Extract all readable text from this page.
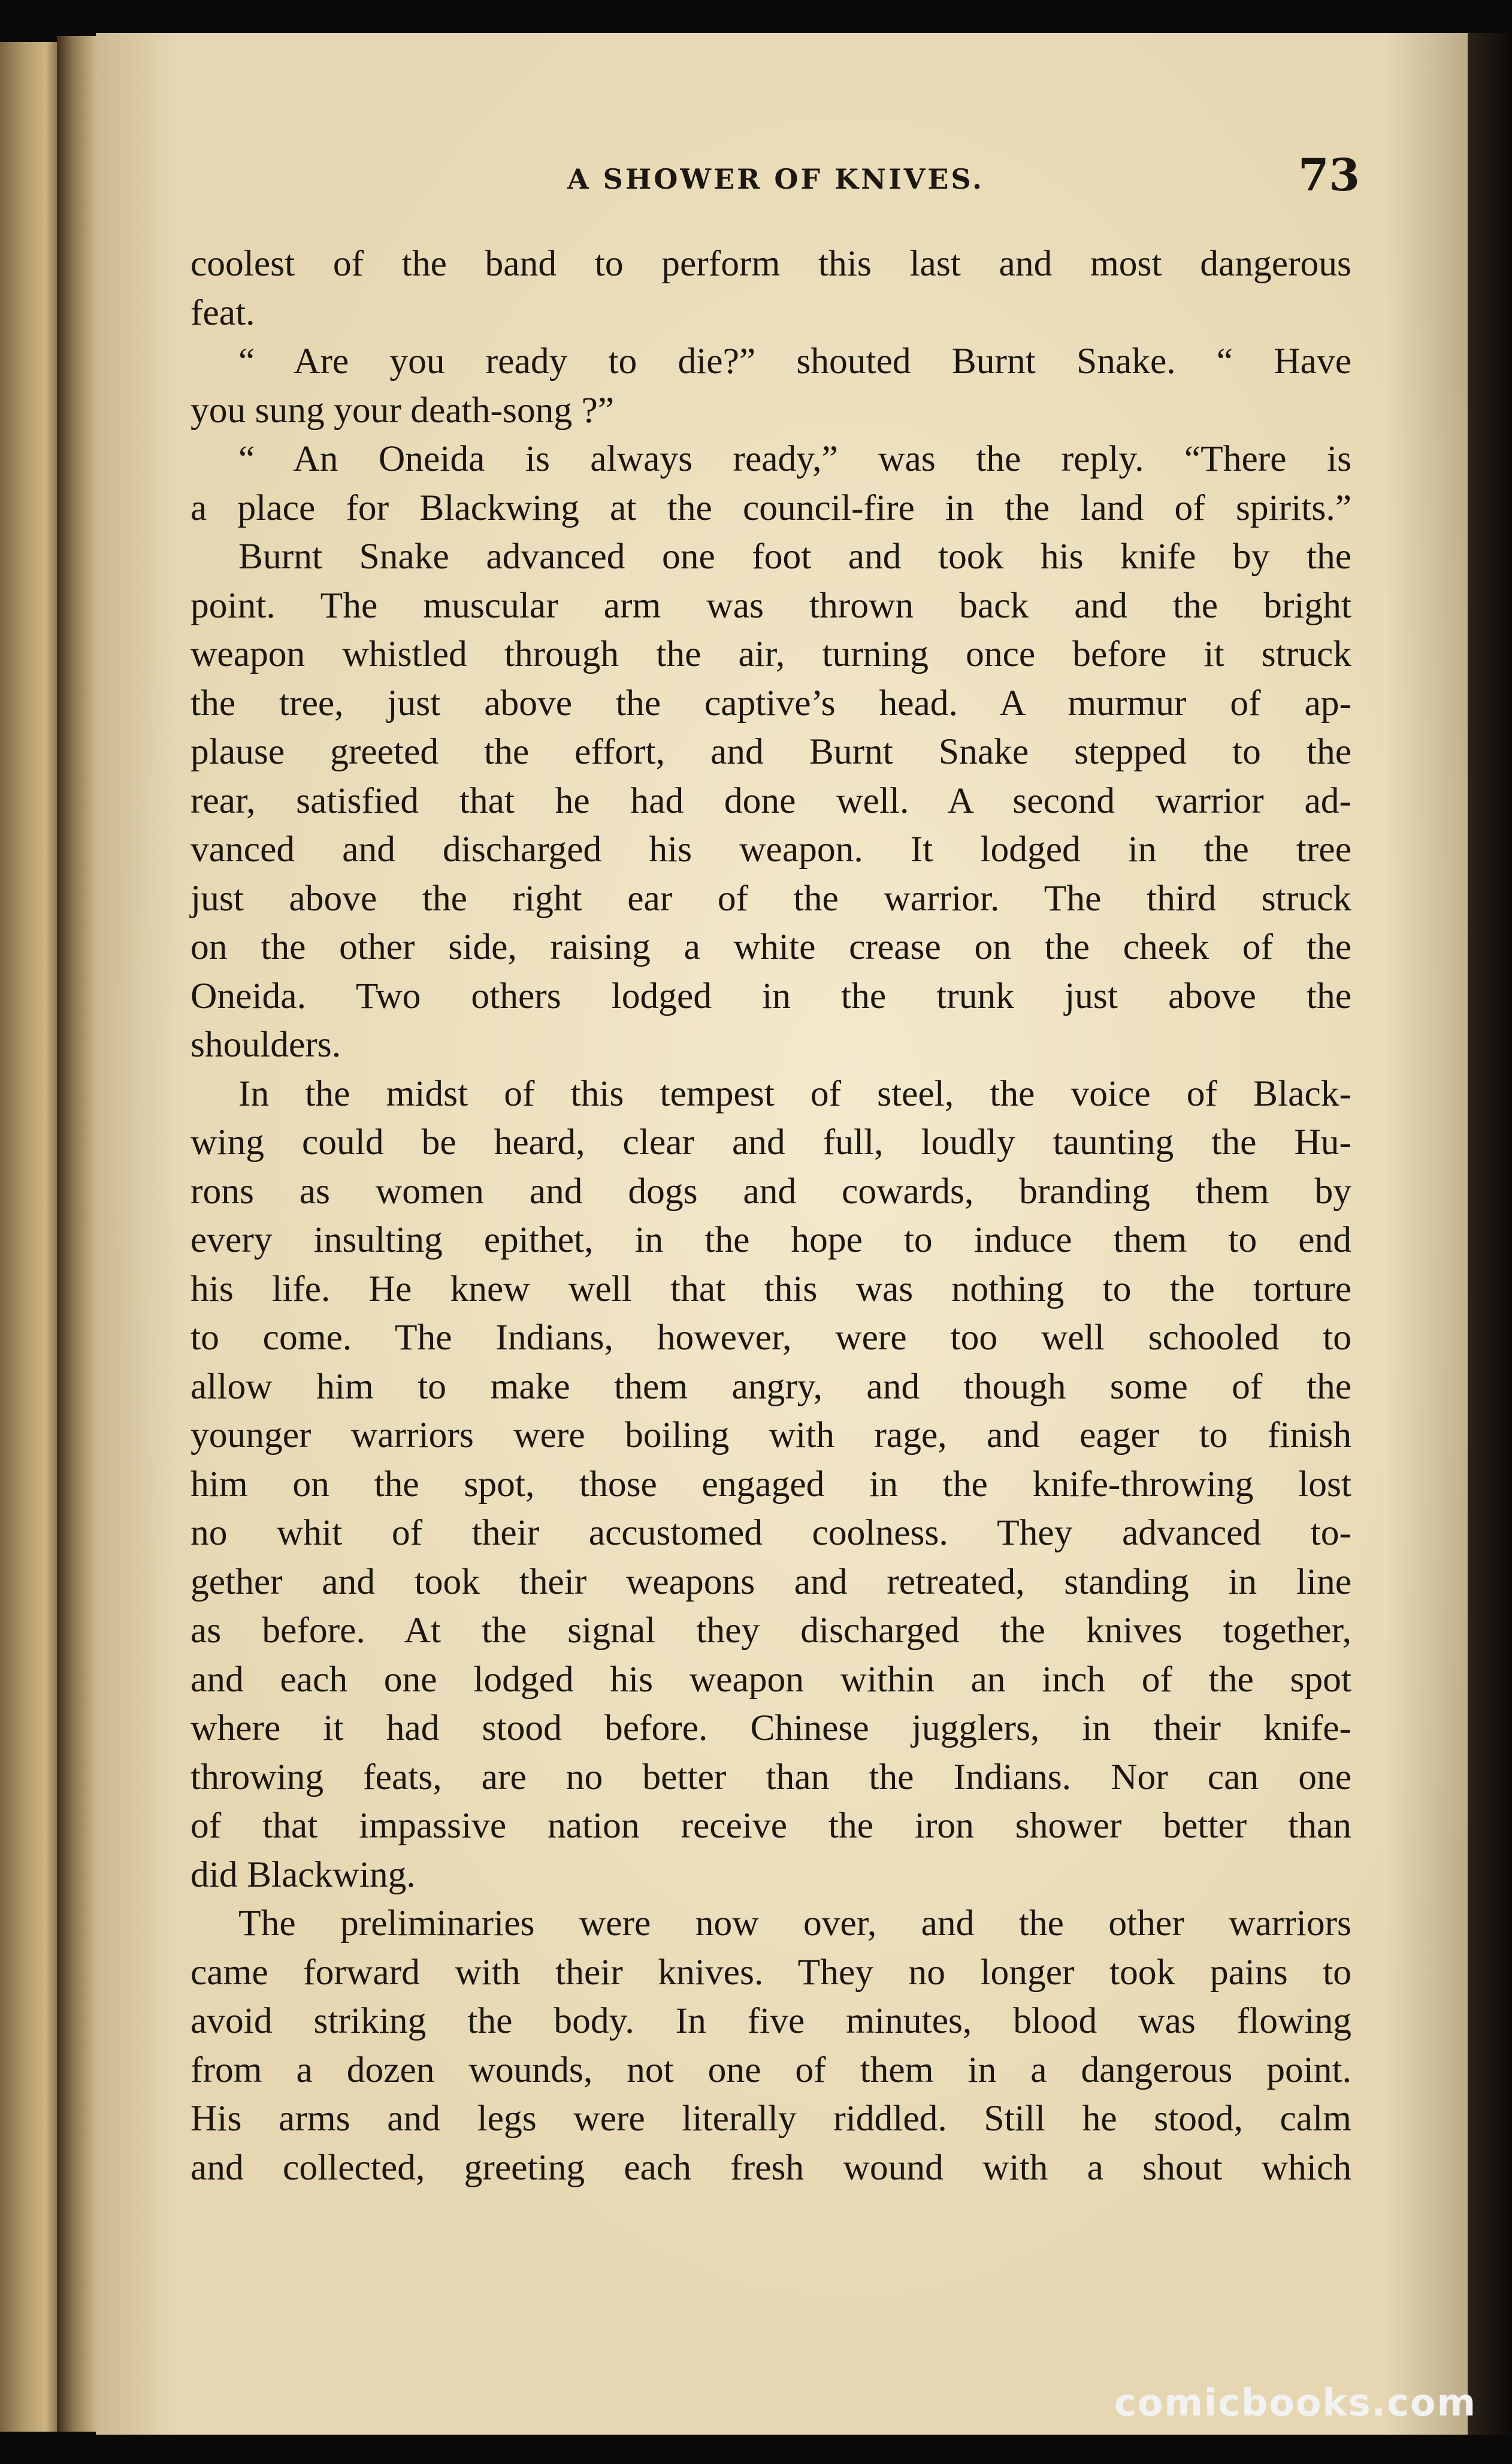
A SHOWER OF KNIVES.	73
coolest of the band to perform this last and most dangerous
feat.
“ Are you ready to die?” shouted Burnt Snake. “ Have
you sung your death-song ?”
“ An Oneida is always ready,” was the reply. “There is
a place for Blackwing at the council-fire in the land of spirits.”
Burnt Snake advanced one foot and took his knife by the
point. The muscular arm was thrown back and the bright
weapon whistled through the air, turning once before it struck
the tree, just above the captive’s head. A murmur of ap-
plause greeted the effort, and Burnt Snake stepped to the
rear, satisfied that he had done well. A second warrior ad-
vanced and discharged his weapon. It lodged in the tree
just above the right ear of the warrior. The third struck
on the other side, raising a white crease on the cheek of the
Oneida. Two others lodged in the trunk just above the
shoulders.
In the midst of this tempest of steel, the voice of Black-
wing could be heard, clear and full, loudly taunting the Hu-
rons as women and dogs and cowards, branding them by
every insulting epithet, in the hope to induce them to end
his life. He knew well that this was nothing to the torture
to come. The Indians, however, were too well schooled to
allow him to make them angry, and though some of the
younger warriors were boiling with rage, and eager to finish
him on the spot, those engaged in the knife-throwing lost
no whit of their accustomed coolness. They advanced to-
gether and took their weapons and retreated, standing in line
as before. At the signal they discharged the knives together,
and each one lodged his weapon within an inch of the spot
where it had stood before. Chinese jugglers, in their knife-
throwing feats, are no better than the Indians. Nor can one
of that impassive nation receive the iron shower better than
did Blackwing.
The preliminaries were now over, and the other warriors
came forward with their knives. They no longer took pains to
avoid striking the body. In five minutes, blood was flowing
from a dozen wounds, not one of them in a dangerous point.
His arms and legs were literally riddled. Still he stood, calm
and collected, greeting each fresh wound with a shout which
comicbooks.com
